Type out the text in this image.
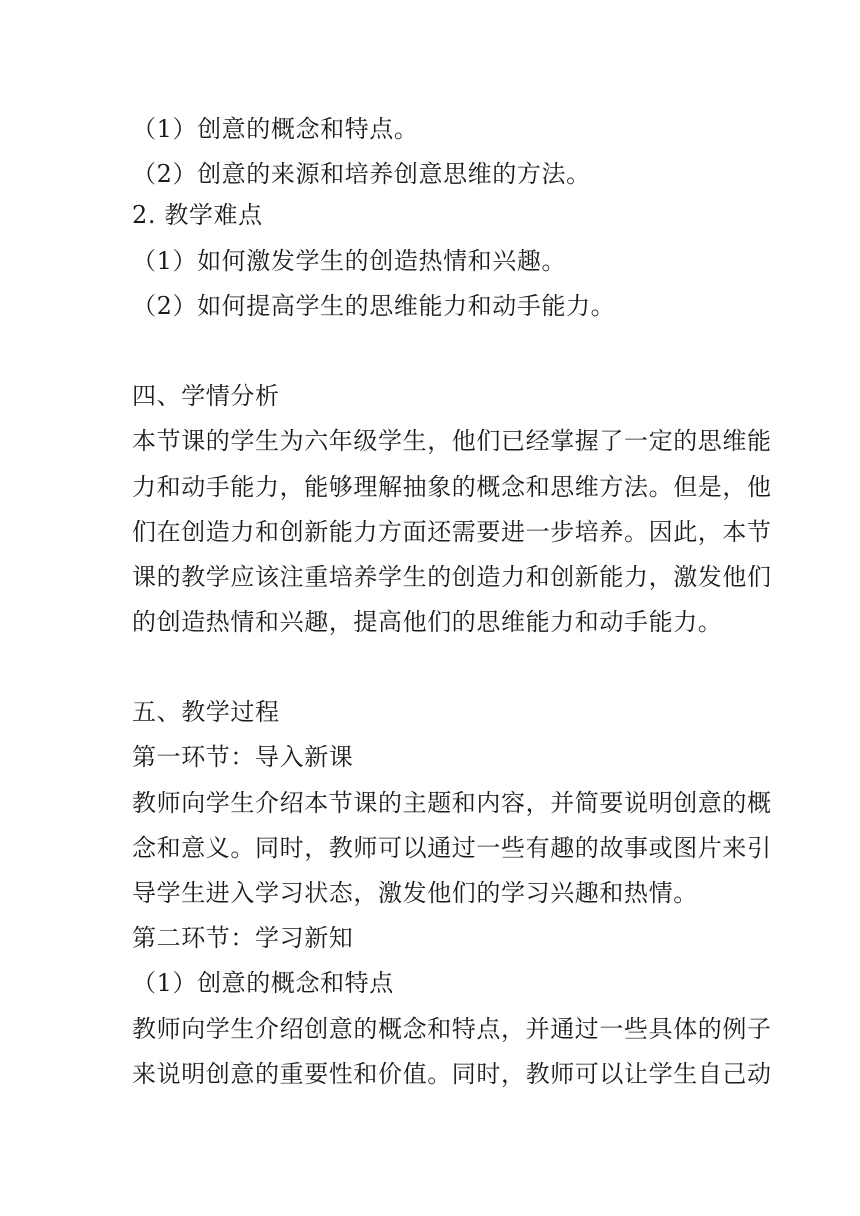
（1）创意的概念和特点。
（2）创意的来源和培养创意思维的方法。
2. 教学难点
（1）如何激发学生的创造热情和兴趣。
（2）如何提高学生的思维能力和动手能力。
四、学情分析
本节课的学生为六年级学生，他们已经掌握了一定的思维能
力和动手能力，能够理解抽象的概念和思维方法。但是，他
们在创造力和创新能力方面还需要进一步培养。因此，本节
课的教学应该注重培养学生的创造力和创新能力，激发他们
的创造热情和兴趣，提高他们的思维能力和动手能力。
五、教学过程
第一环节：导入新课
教师向学生介绍本节课的主题和内容，并简要说明创意的概
念和意义。同时，教师可以通过一些有趣的故事或图片来引
导学生进入学习状态，激发他们的学习兴趣和热情。
第二环节：学习新知
（1）创意的概念和特点
教师向学生介绍创意的概念和特点，并通过一些具体的例子
来说明创意的重要性和价值。同时，教师可以让学生自己动
